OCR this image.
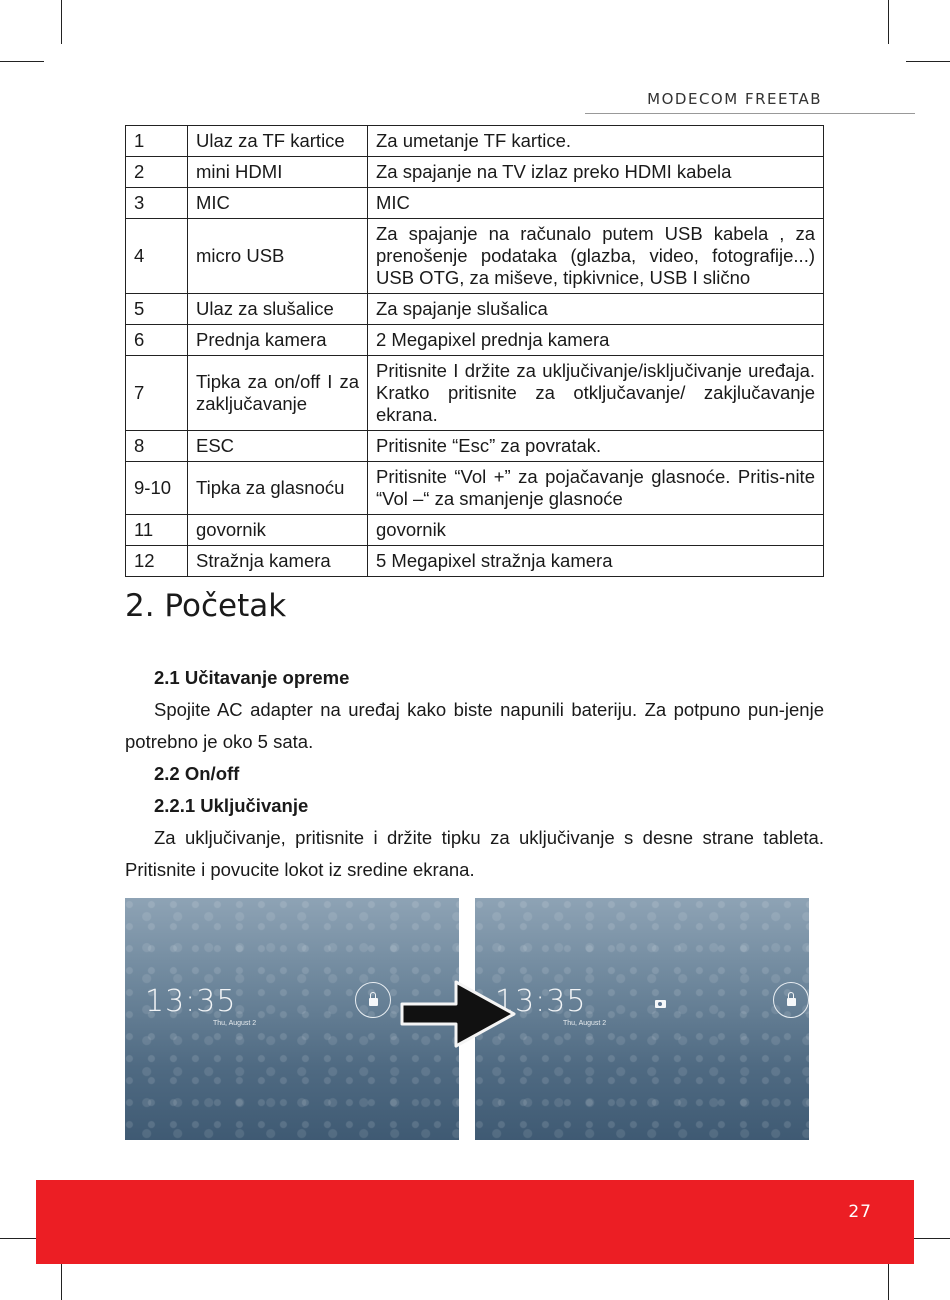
MODECOM FREETAB
1	Ulaz za TF kartice	Za umetanje TF kartice.
2	mini HDMI	Za spajanje na TV izlaz preko HDMI kabela
3	MIC	MIC
4	micro USB	Za spajanje na računalo putem USB kabela , za prenošenje podataka (glazba, video, fotografije...) USB OTG, za miševe, tipkivnice, USB I slično
5	Ulaz za slušalice	Za spajanje slušalica
6	Prednja kamera	2 Megapixel prednja kamera
7	Tipka za on/off I za zaključavanje	Pritisnite I držite za uključivanje/isključivanje uređaja. Kratko pritisnite za otključavanje/ zakjlučavanje ekrana.
8	ESC	Pritisnite “Esc” za povratak.
9-10	Tipka za glasnoću	Pritisnite “Vol +” za pojačavanje glasnoće. Pritis-nite “Vol –“ za smanjenje glasnoće
11	govornik	govornik
12	Stražnja kamera	5 Megapixel stražnja kamera
2. Početak
2.1 Učitavanje opreme
Spojite AC adapter na uređaj kako biste napunili bateriju. Za potpuno pun-jenje potrebno je oko 5 sata.
2.2 On/off
2.2.1 Uključivanje
Za uključivanje, pritisnite i držite tipku za uključivanje s desne strane tableta. Pritisnite i povucite lokot iz sredine ekrana.
13:35
Thu, August 2
13:35
Thu, August 2
27
